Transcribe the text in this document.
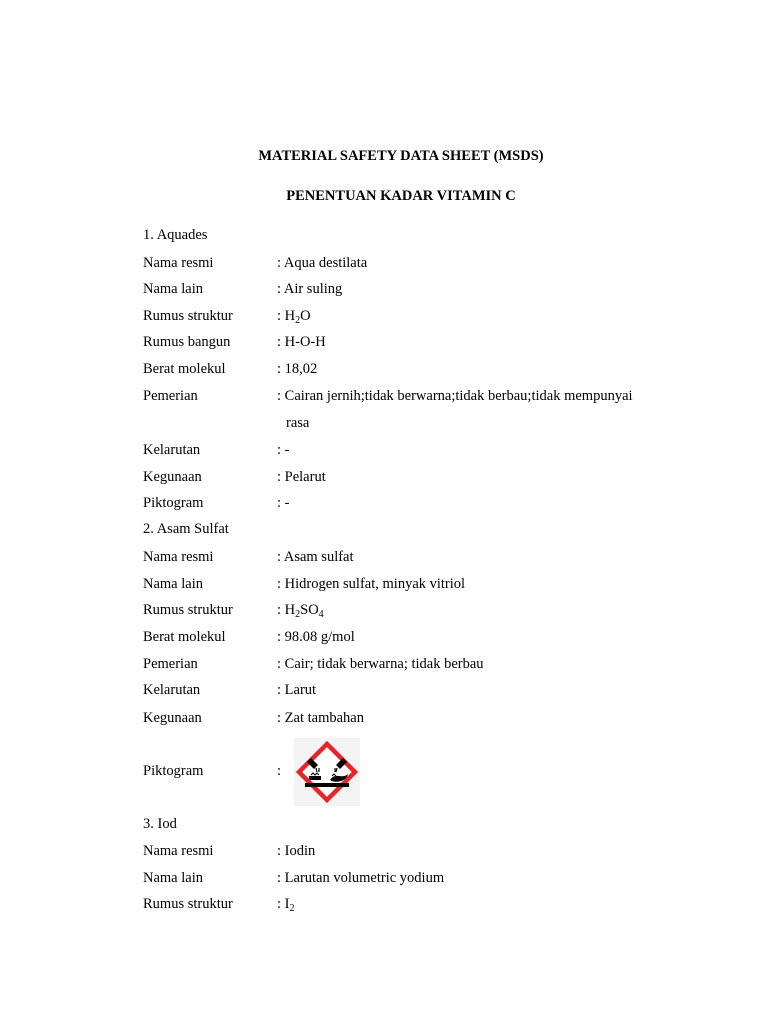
MATERIAL SAFETY DATA SHEET (MSDS)
PENENTUAN KADAR VITAMIN C
1. Aquades
Nama resmi	: Aqua destilata
Nama lain	: Air suling
Rumus struktur	: $H_2O$
Rumus bangun	: H-O-H
Berat molekul	: 18,02
Pemerian	: Cairan jernih;tidak berwarna;tidak berbau;tidak mempunyai
rasa
Kelarutan	: -
Kegunaan	: Pelarut
Piktogram	: -
2. Asam Sulfat
Nama resmi	: Asam sulfat
Nama lain	: Hidrogen sulfat, minyak vitriol
Rumus struktur	: $H_2SO_4$
Berat molekul	: 98.08 g/mol
Pemerian	: Cair; tidak berwarna; tidak berbau
Kelarutan	: Larut
Kegunaan	: Zat tambahan
Piktogram	:
3. Iod
Nama resmi	: Iodin
Nama lain	: Larutan volumetric yodium
Rumus struktur	: $I_2$
